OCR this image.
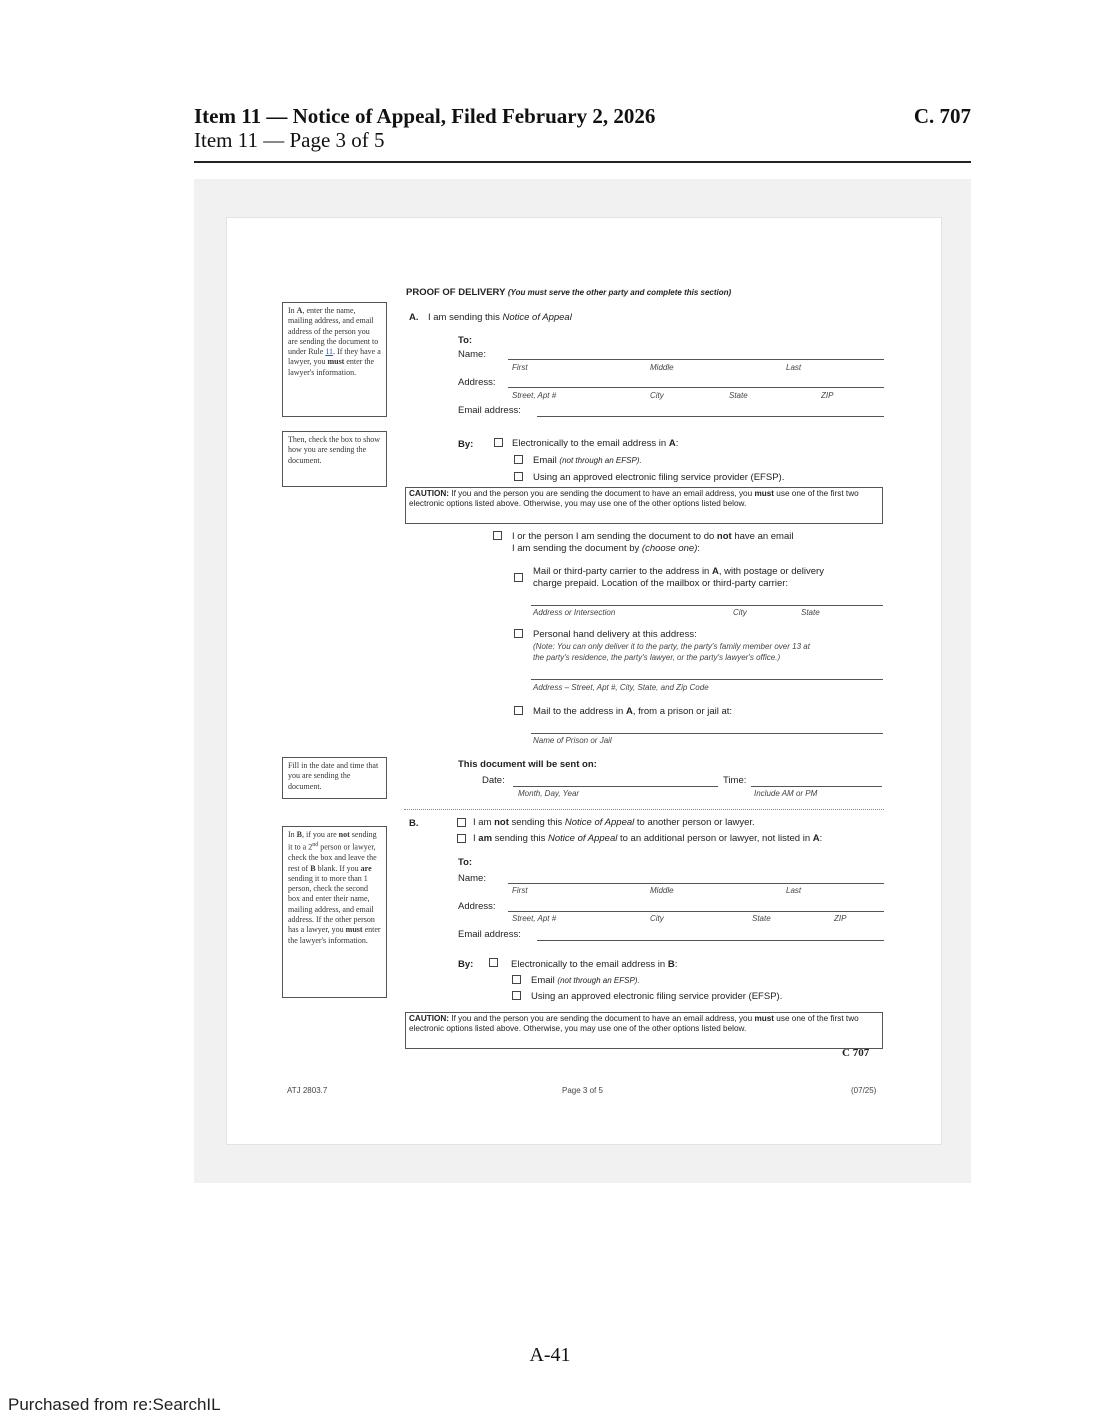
Item 11 — Notice of Appeal, Filed February 2, 2026
Item 11 — Page 3 of 5
C. 707
PROOF OF DELIVERY (You must serve the other party and complete this section)
In A, enter the name, mailing address, and email address of the person you are sending the document to under Rule 11. If they have a lawyer, you must enter the lawyer's information.
Then, check the box to show how you are sending the document.
Fill in the date and time that you are sending the document.
In B, if you are not sending it to a 2nd person or lawyer, check the box and leave the rest of B blank. If you are sending it to more than 1 person, check the second box and enter their name, mailing address, and email address. If the other person has a lawyer, you must enter the lawyer's information.
A. I am sending this Notice of Appeal
To:
Name:
First	Middle	Last
Address:
Street, Apt #	City	State	ZIP
Email address:
By:	Electronically to the email address in A:
Email (not through an EFSP).
Using an approved electronic filing service provider (EFSP).
CAUTION: If you and the person you are sending the document to have an email address, you must use one of the first two electronic options listed above. Otherwise, you may use one of the other options listed below.
I or the person I am sending the document to do not have an email
I am sending the document by (choose one):
Mail or third-party carrier to the address in A, with postage or delivery
charge prepaid. Location of the mailbox or third-party carrier:
Address or Intersection	City	State
Personal hand delivery at this address:
(Note: You can only deliver it to the party, the party's family member over 13 at
the party's residence, the party's lawyer, or the party's lawyer's office.)
Address – Street, Apt #, City, State, and Zip Code
Mail to the address in A, from a prison or jail at:
Name of Prison or Jail
This document will be sent on:
Date:
Month, Day, Year
Time:
Include AM or PM
B.	I am not sending this Notice of Appeal to another person or lawyer.
I am sending this Notice of Appeal to an additional person or lawyer, not listed in A:
To:
Name:
First	Middle	Last
Address:
Street, Apt #	City	State	ZIP
Email address:
By:	Electronically to the email address in B:
Email (not through an EFSP).
Using an approved electronic filing service provider (EFSP).
CAUTION: If you and the person you are sending the document to have an email address, you must use one of the first two electronic options listed above. Otherwise, you may use one of the other options listed below.
C 707
ATJ 2803.7	Page 3 of 5	(07/25)
A-41
Purchased from re:SearchIL
